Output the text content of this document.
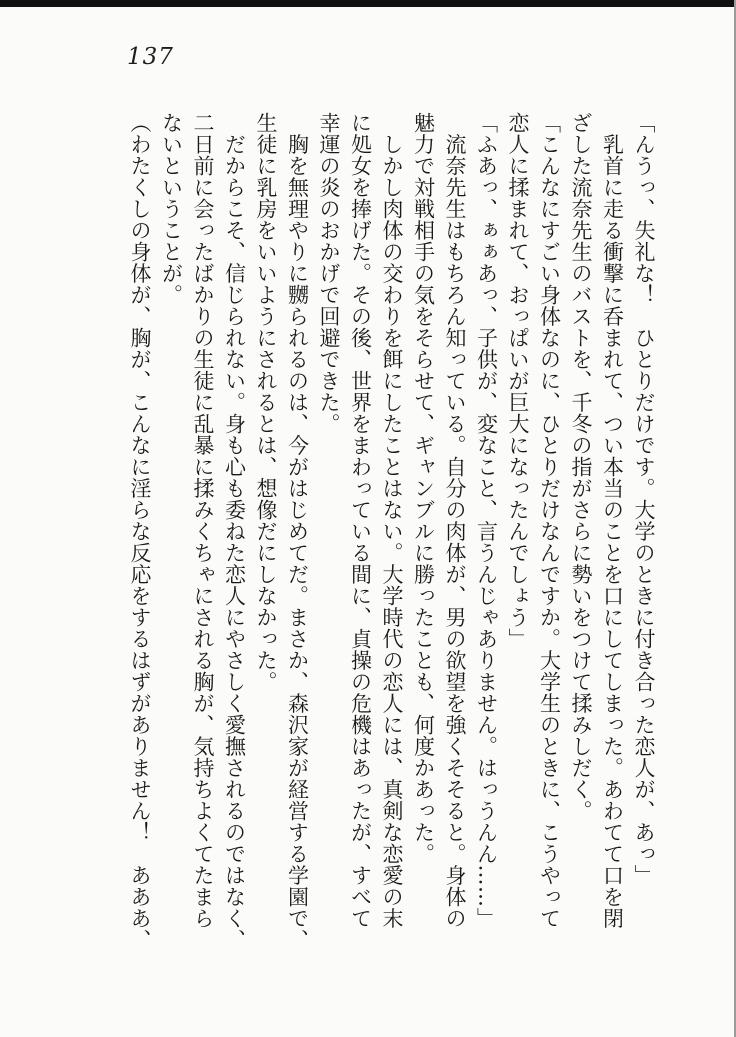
137
「んうっ、失礼な！　ひとりだけです。大学のときに付き合った恋人が、あっ」
　乳首に走る衝撃に呑まれて、つい本当のことを口にしてしまった。あわてて口を閉
ざした流奈先生のバストを、千冬の指がさらに勢いをつけて揉みしだく。
「こんなにすごい身体なのに、ひとりだけなんですか。大学生のときに、こうやって
恋人に揉まれて、おっぱいが巨大になったんでしょう」
「ふあっ、ぁぁあっ、子供が、変なこと、言うんじゃありません。はっうんん……」
　流奈先生はもちろん知っている。自分の肉体が、男の欲望を強くそそると。身体の
魅力で対戦相手の気をそらせて、ギャンブルに勝ったことも、何度かあった。
　しかし肉体の交わりを餌にしたことはない。大学時代の恋人には、真剣な恋愛の末
に処女を捧げた。その後、世界をまわっている間に、貞操の危機はあったが、すべて
幸運の炎のおかげで回避できた。
　胸を無理やりに嬲られるのは、今がはじめてだ。まさか、森沢家が経営する学園で、
生徒に乳房をいいようにされるとは、想像だにしなかった。
　だからこそ、信じられない。身も心も委ねた恋人にやさしく愛撫されるのではなく、
二日前に会ったばかりの生徒に乱暴に揉みくちゃにされる胸が、気持ちよくてたまら
ないということが。
（わたくしの身体が、胸が、こんなに淫らな反応をするはずがありません！　あああ、
